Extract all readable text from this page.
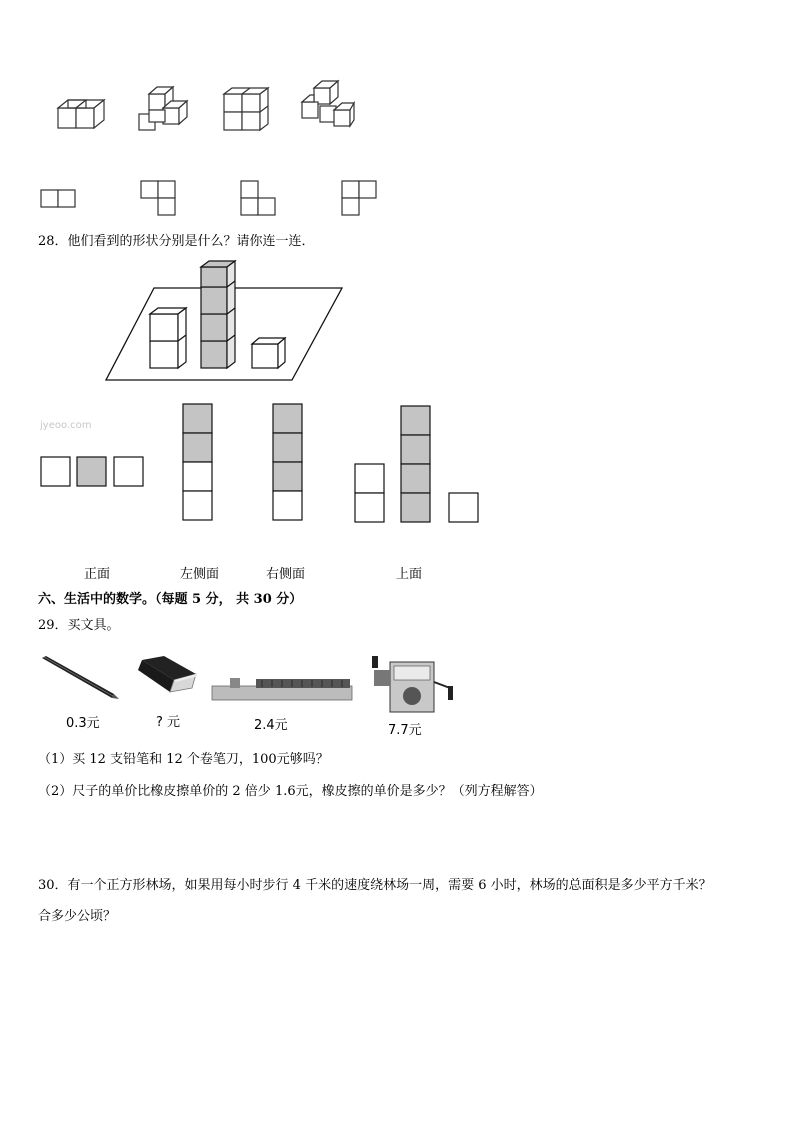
28．他们看到的形状分别是什么？请你连一连．
jyeoo.com
正面	左侧面	右侧面	上面
六、生活中的数学。（每题 5 分， 共 30 分）
29．买文具。
0.3元	? 元	2.4元	7.7元
（1）买 12 支铅笔和 12 个卷笔刀，100元够吗？
（2）尺子的单价比橡皮擦单价的 2 倍少 1.6元，橡皮擦的单价是多少？（列方程解答）
30．有一个正方形林场，如果用每小时步行 4 千米的速度绕林场一周，需要 6 小时，林场的总面积是多少平方千米？
合多少公顷？
